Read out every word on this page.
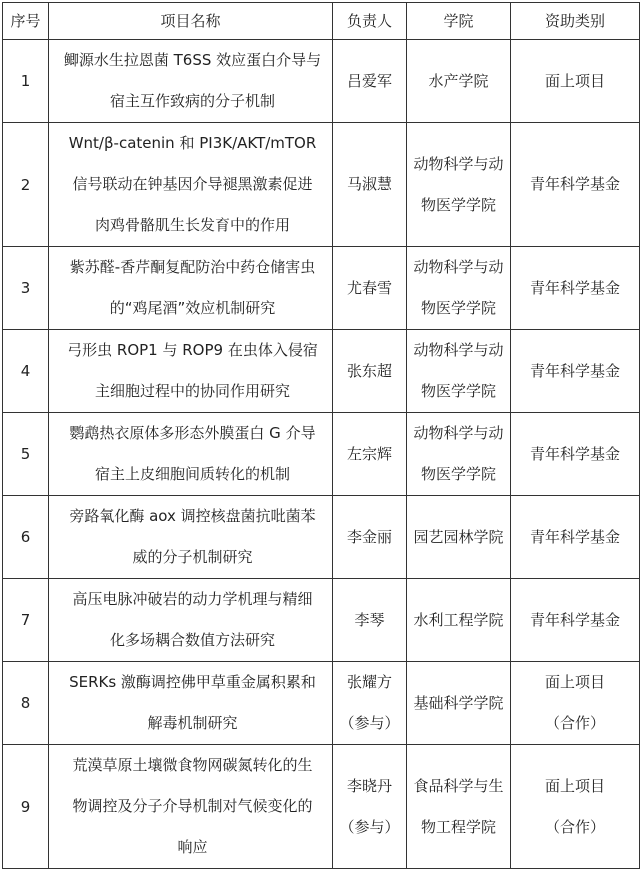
序号	项目名称	负责人	学院	资助类别
1	鲫源水生拉恩菌 T6SS 效应蛋白介导与
宿主互作致病的分子机制	吕爱军	水产学院	面上项目

2	Wnt/β-catenin 和 PI3K/AKT/mTOR
信号联动在钟基因介导褪黑激素促进
肉鸡骨骼肌生长发育中的作用	马淑慧	动物科学与动
物医学学院	青年科学基金

3	紫苏醛-香芹酮复配防治中药仓储害虫
的“鸡尾酒”效应机制研究	尤春雪	动物科学与动
物医学学院	青年科学基金

4	弓形虫 ROP1 与 ROP9 在虫体入侵宿
主细胞过程中的协同作用研究	张东超	动物科学与动
物医学学院	青年科学基金

5	鹦鹉热衣原体多形态外膜蛋白 G 介导
宿主上皮细胞间质转化的机制	左宗辉	动物科学与动
物医学学院	青年科学基金

6	旁路氧化酶 aox 调控核盘菌抗吡菌苯
威的分子机制研究	李金丽	园艺园林学院	青年科学基金

7	高压电脉冲破岩的动力学机理与精细
化多场耦合数值方法研究	李琴	水利工程学院	青年科学基金

8	SERKs 激酶调控佛甲草重金属积累和
解毒机制研究	张耀方
（参与）	基础科学学院	面上项目
（合作）

9	荒漠草原土壤微食物网碳氮转化的生
物调控及分子介导机制对气候变化的
响应	李晓丹
（参与）	食品科学与生
物工程学院	面上项目
（合作）
